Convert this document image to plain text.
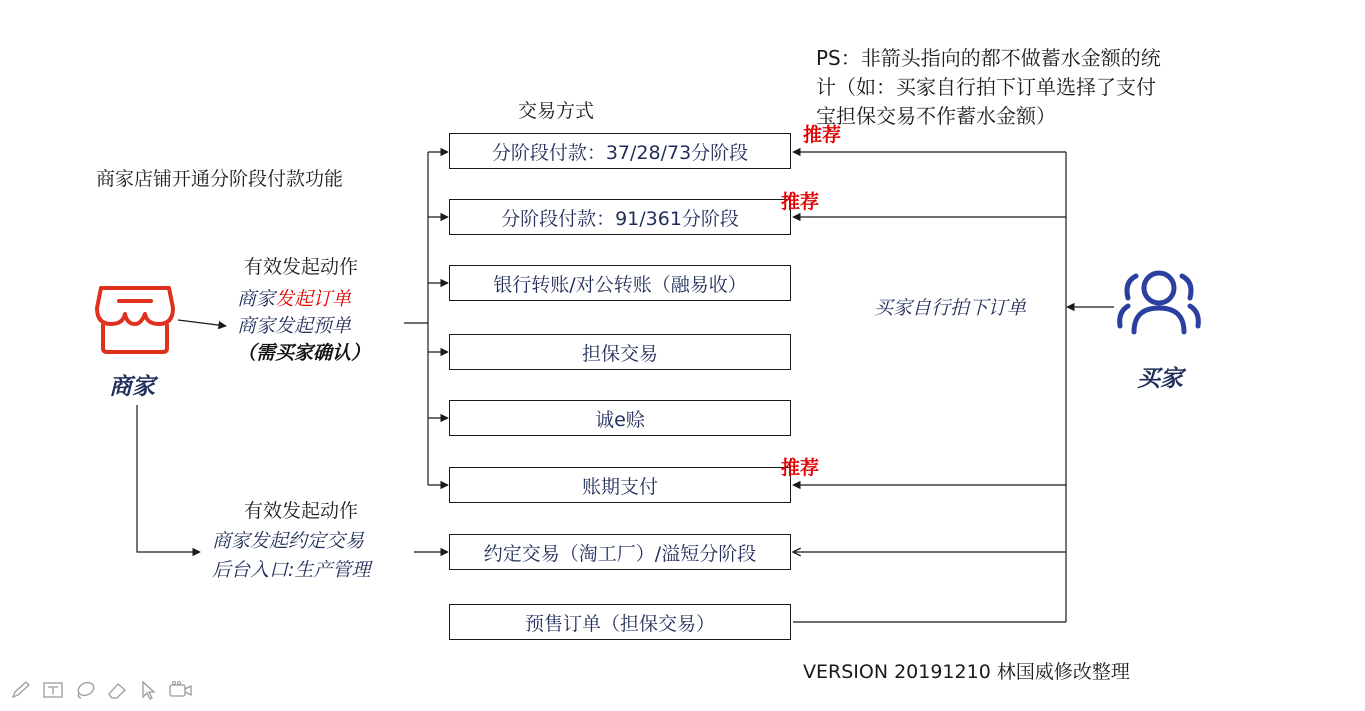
PS：非箭头指向的都不做蓄水金额的统
计（如：买家自行拍下订单选择了支付
宝担保交易不作蓄水金额）
交易方式
商家店铺开通分阶段付款功能
商家
有效发起动作
商家发起订单
商家发起预单
（需买家确认）
有效发起动作
商家发起约定交易
后台入口:生产管理
分阶段付款：37/28/73分阶段
分阶段付款：91/361分阶段
银行转账/对公转账（融易收）
担保交易
诚e赊
账期支付
约定交易（淘工厂）/溢短分阶段
预售订单（担保交易）
推荐
推荐
推荐
买家自行拍下订单
买家
VERSION 20191210 林国威修改整理
